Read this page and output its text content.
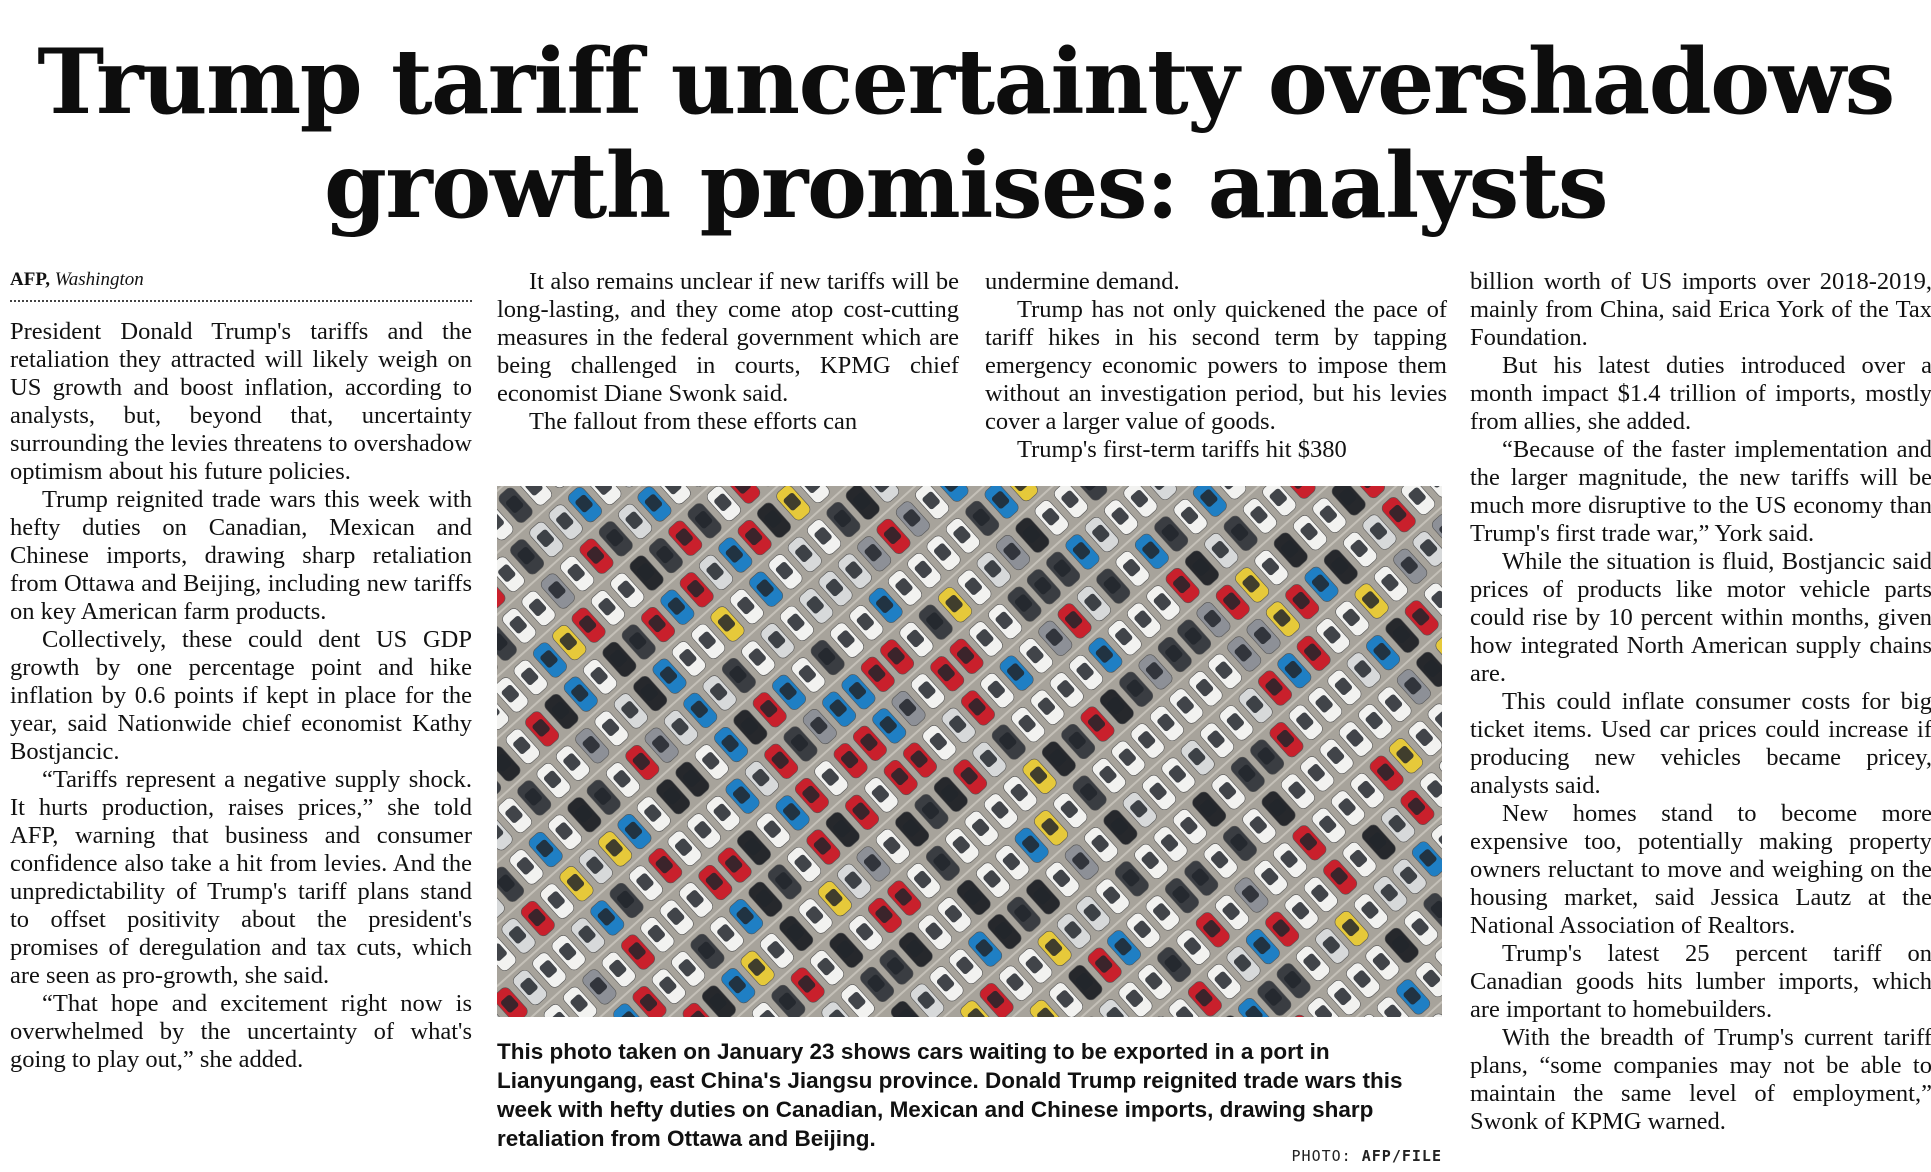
Trump tariff uncertainty overshadows
growth promises: analysts
AFP, Washington

President Donald Trump's tariffs and the retaliation they attracted will likely weigh on US growth and boost inflation, according to analysts, but, beyond that, uncertainty surrounding the levies threatens to overshadow optimism about his future policies.

Trump reignited trade wars this week with hefty duties on Canadian, Mexican and Chinese imports, drawing sharp retaliation from Ottawa and Beijing, including new tariffs on key American farm products.

Collectively, these could dent US GDP growth by one percentage point and hike inflation by 0.6 points if kept in place for the year, said Nationwide chief economist Kathy Bostjancic.

“Tariffs represent a negative supply shock. It hurts production, raises prices,” she told AFP, warning that business and consumer confidence also take a hit from levies. And the unpredictability of Trump's tariff plans stand to offset positivity about the president's promises of deregulation and tax cuts, which are seen as pro-growth, she said.

“That hope and excitement right now is overwhelmed by the uncertainty of what's going to play out,” she added.

It also remains unclear if new tariffs will be long-lasting, and they come atop cost-cutting measures in the federal government which are being challenged in courts, KPMG chief economist Diane Swonk said.

The fallout from these efforts can

undermine demand.

Trump has not only quickened the pace of tariff hikes in his second term by tapping emergency economic powers to impose them without an investigation period, but his levies cover a larger value of goods.

Trump's first-term tariffs hit $380

billion worth of US imports over 2018-2019, mainly from China, said Erica York of the Tax Foundation.

But his latest duties introduced over a month impact $1.4 trillion of imports, mostly from allies, she added.

“Because of the faster implementation and the larger magnitude, the new tariffs will be much more disruptive to the US economy than Trump's first trade war,” York said.

While the situation is fluid, Bostjancic said prices of products like motor vehicle parts could rise by 10 percent within months, given how integrated North American supply chains are.

This could inflate consumer costs for big ticket items. Used car prices could increase if producing new vehicles became pricey, analysts said.

New homes stand to become more expensive too, potentially making property owners reluctant to move and weighing on the housing market, said Jessica Lautz at the National Association of Realtors.

Trump's latest 25 percent tariff on Canadian goods hits lumber imports, which are important to homebuilders.

With the breadth of Trump's current tariff plans, “some companies may not be able to maintain the same level of employment,” Swonk of KPMG warned.

This photo taken on January 23 shows cars waiting to be exported in a port in Lianyungang, east China's Jiangsu province. Donald Trump reignited trade wars this week with hefty duties on Canadian, Mexican and Chinese imports, drawing sharp retaliation from Ottawa and Beijing.
PHOTO: AFP/FILE
